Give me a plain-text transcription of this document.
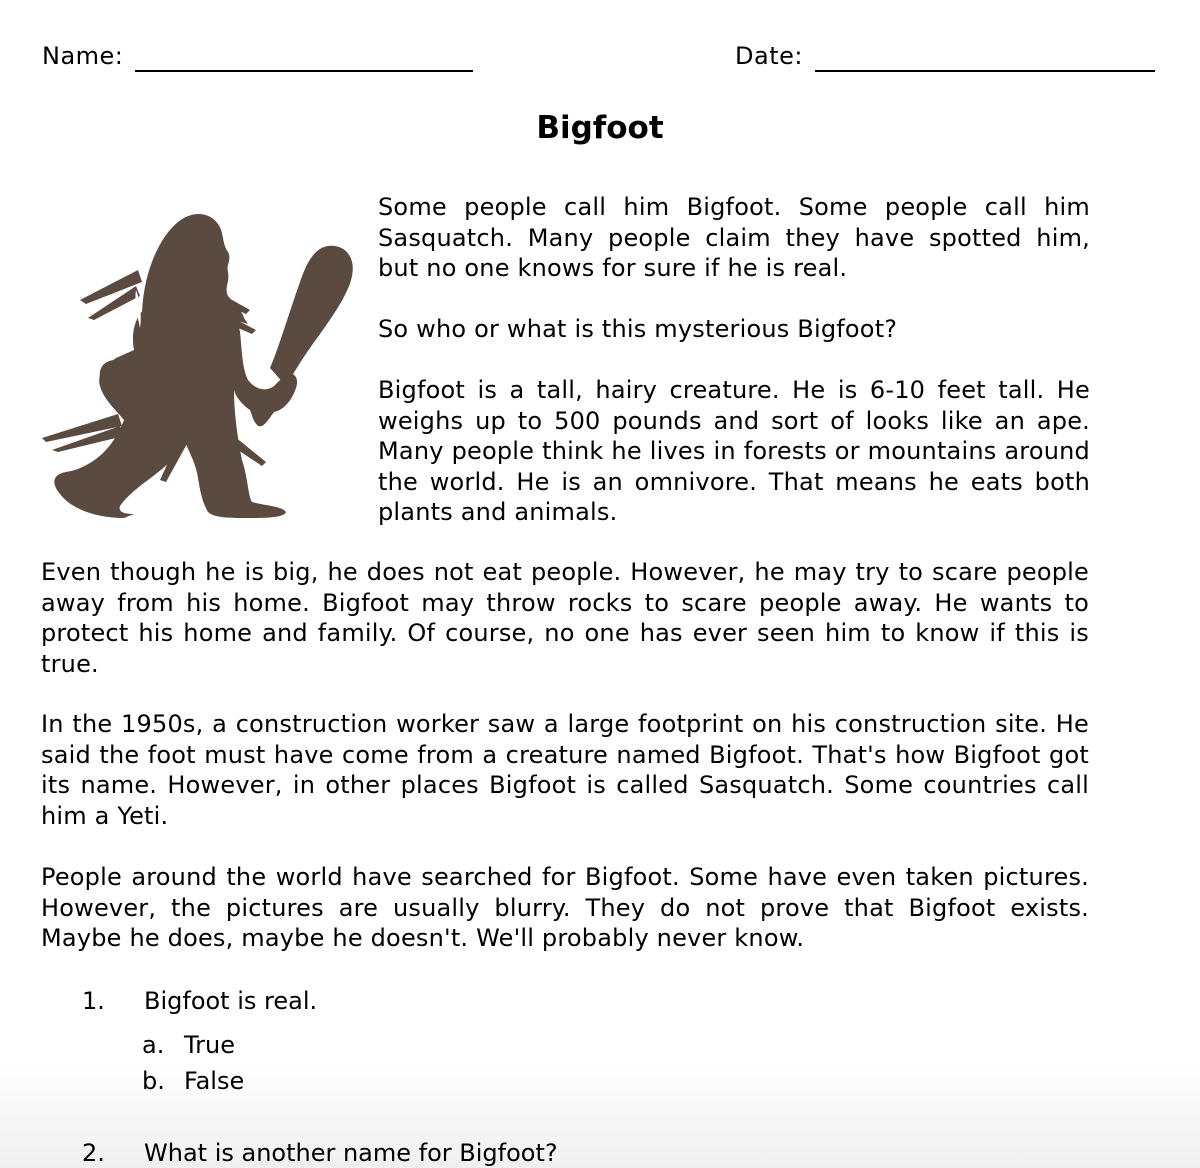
Name:	Date:
Bigfoot

Some people call him Bigfoot. Some people call him Sasquatch. Many people claim they have spotted him, but no one knows for sure if he is real.

So who or what is this mysterious Bigfoot?

Bigfoot is a tall, hairy creature. He is 6-10 feet tall. He weighs up to 500 pounds and sort of looks like an ape. Many people think he lives in forests or mountains around the world. He is an omnivore. That means he eats both plants and animals.

Even though he is big, he does not eat people. However, he may try to scare people away from his home. Bigfoot may throw rocks to scare people away. He wants to protect his home and family. Of course, no one has ever seen him to know if this is true.

In the 1950s, a construction worker saw a large footprint on his construction site. He said the foot must have come from a creature named Bigfoot. That's how Bigfoot got its name. However, in other places Bigfoot is called Sasquatch. Some countries call him a Yeti.

People around the world have searched for Bigfoot. Some have even taken pictures. However, the pictures are usually blurry. They do not prove that Bigfoot exists. Maybe he does, maybe he doesn't. We'll probably never know.

1. Bigfoot is real.
a. True
b. False
2. What is another name for Bigfoot?
